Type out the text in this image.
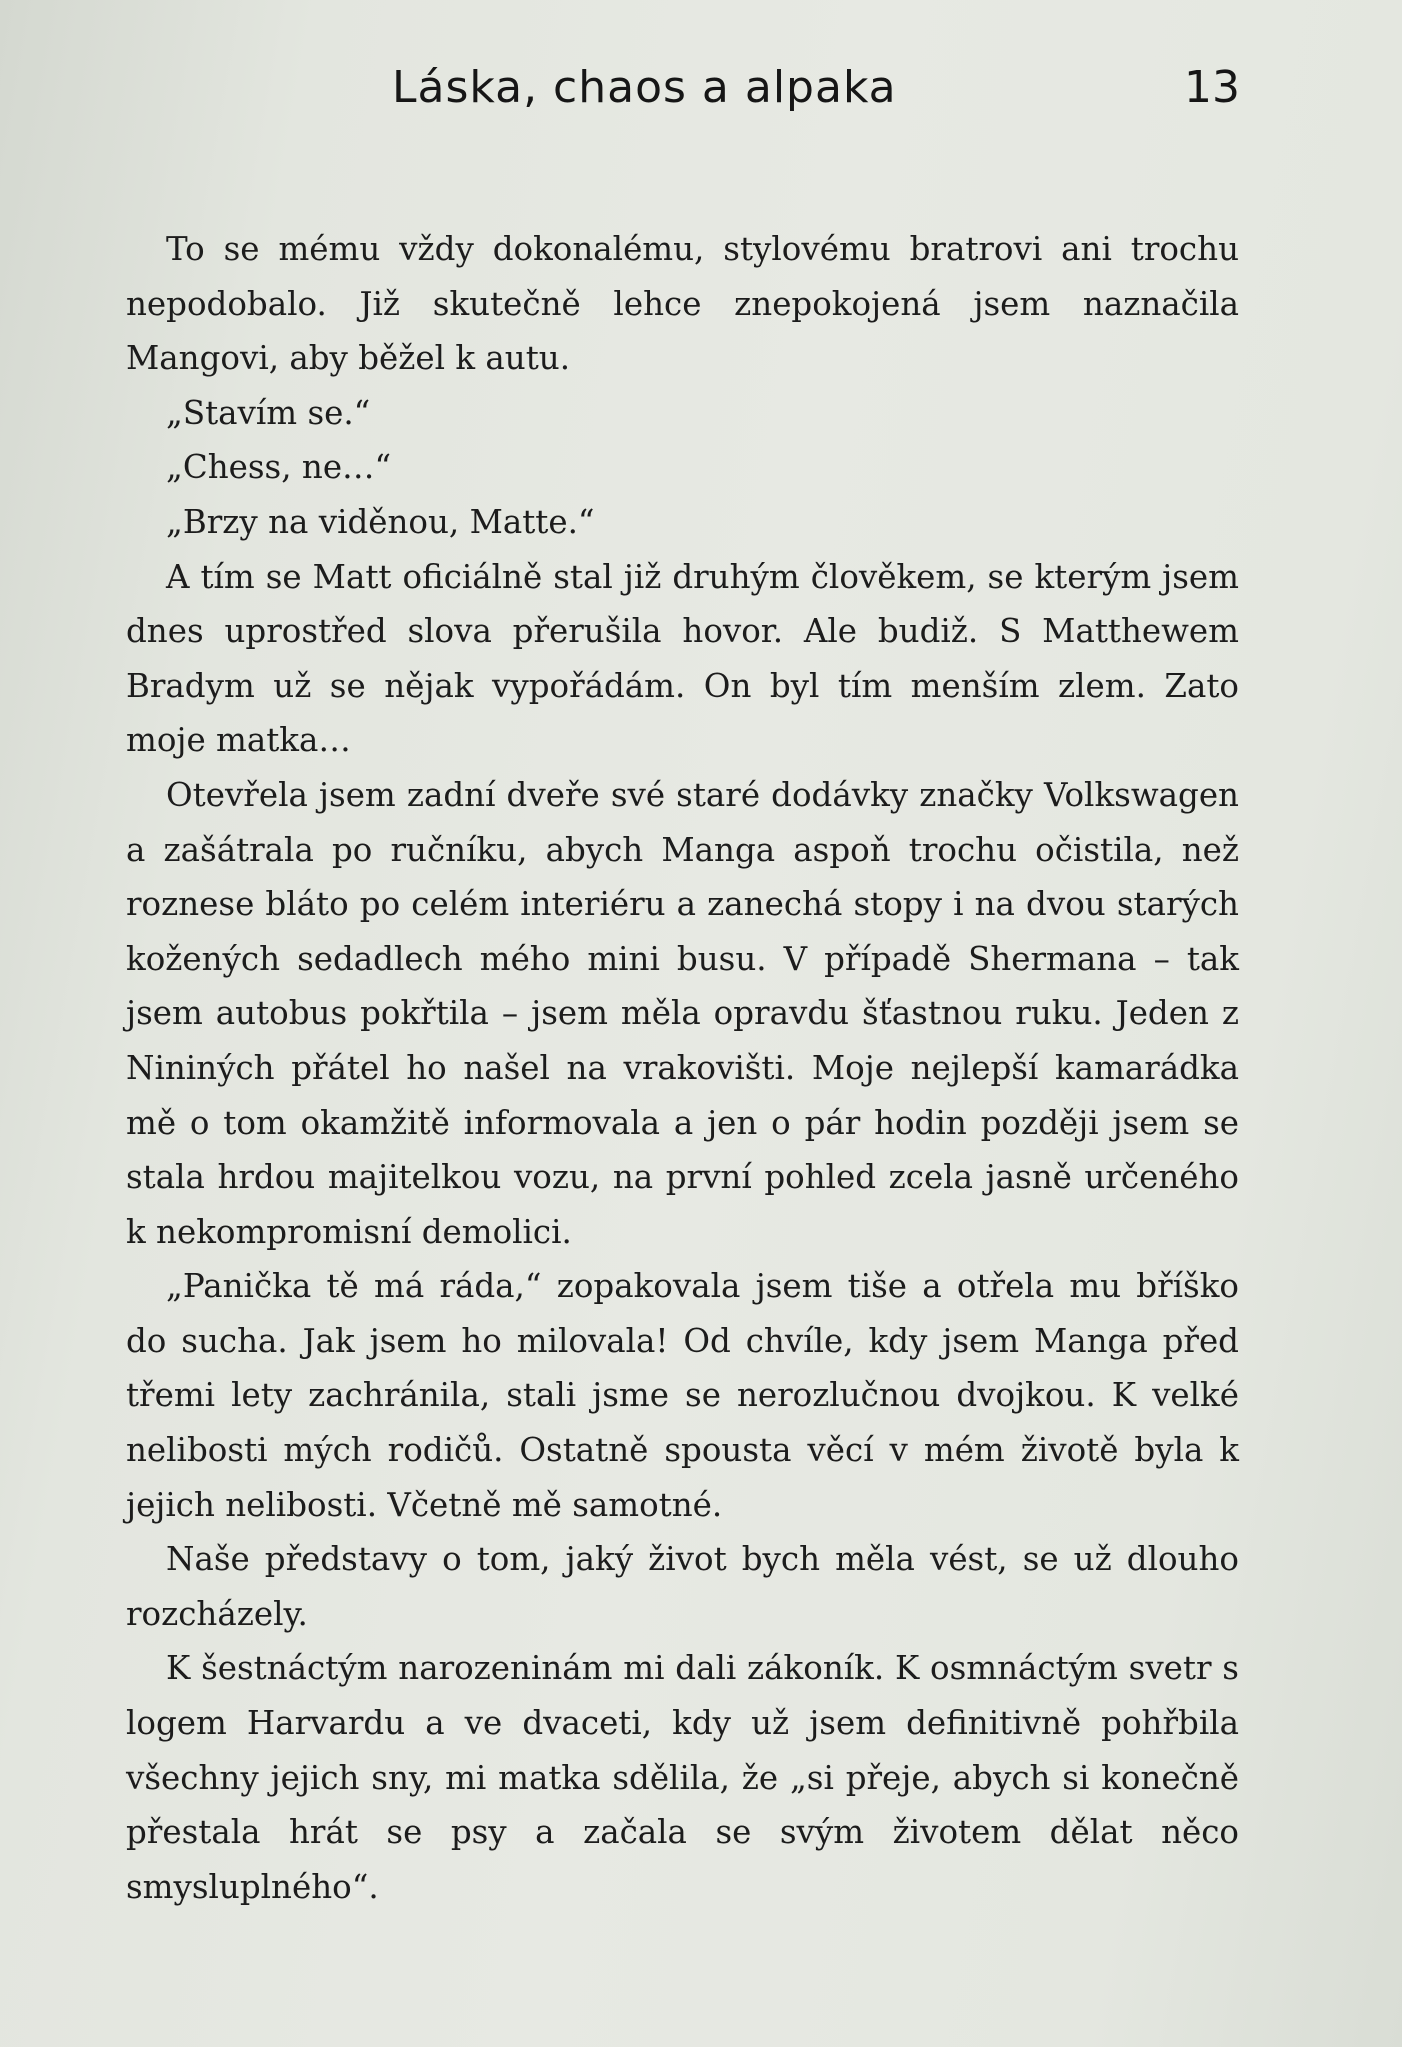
Láska, chaos a alpaka	13

To se mému vždy dokonalému, stylovému bratrovi ani trochu nepodobalo. Již skutečně lehce znepokojená jsem naznačila Mangovi, aby běžel k autu.

„Stavím se.“

„Chess, ne…“

„Brzy na viděnou, Matte.“

A tím se Matt oficiálně stal již druhým člověkem, se kterým jsem dnes uprostřed slova přerušila hovor. Ale budiž. S Matthewem Bradym už se nějak vypořádám. On byl tím menším zlem. Zato moje matka…

Otevřela jsem zadní dveře své staré dodávky značky Volkswagen a zašátrala po ručníku, abych Manga aspoň trochu očistila, než roznese bláto po celém interiéru a zanechá stopy i na dvou starých kožených sedadlech mého mini busu. V případě Shermana – tak jsem autobus pokřtila – jsem měla opravdu šťastnou ruku. Jeden z Nininých přátel ho našel na vrakovišti. Moje nejlepší kamarádka mě o tom okamžitě informovala a jen o pár hodin později jsem se stala hrdou majitelkou vozu, na první pohled zcela jasně určeného k nekompromisní demolici.

„Panička tě má ráda,“ zopakovala jsem tiše a otřela mu bříško do sucha. Jak jsem ho milovala! Od chvíle, kdy jsem Manga před třemi lety zachránila, stali jsme se nerozlučnou dvojkou. K velké nelibosti mých rodičů. Ostatně spousta věcí v mém životě byla k jejich nelibosti. Včetně mě samotné.

Naše představy o tom, jaký život bych měla vést, se už dlouho rozcházely.

K šestnáctým narozeninám mi dali zákoník. K osmnáctým svetr s logem Harvardu a ve dvaceti, kdy už jsem definitivně pohřbila všechny jejich sny, mi matka sdělila, že „si přeje, abych si konečně přestala hrát se psy a začala se svým životem dělat něco smysluplného“.
